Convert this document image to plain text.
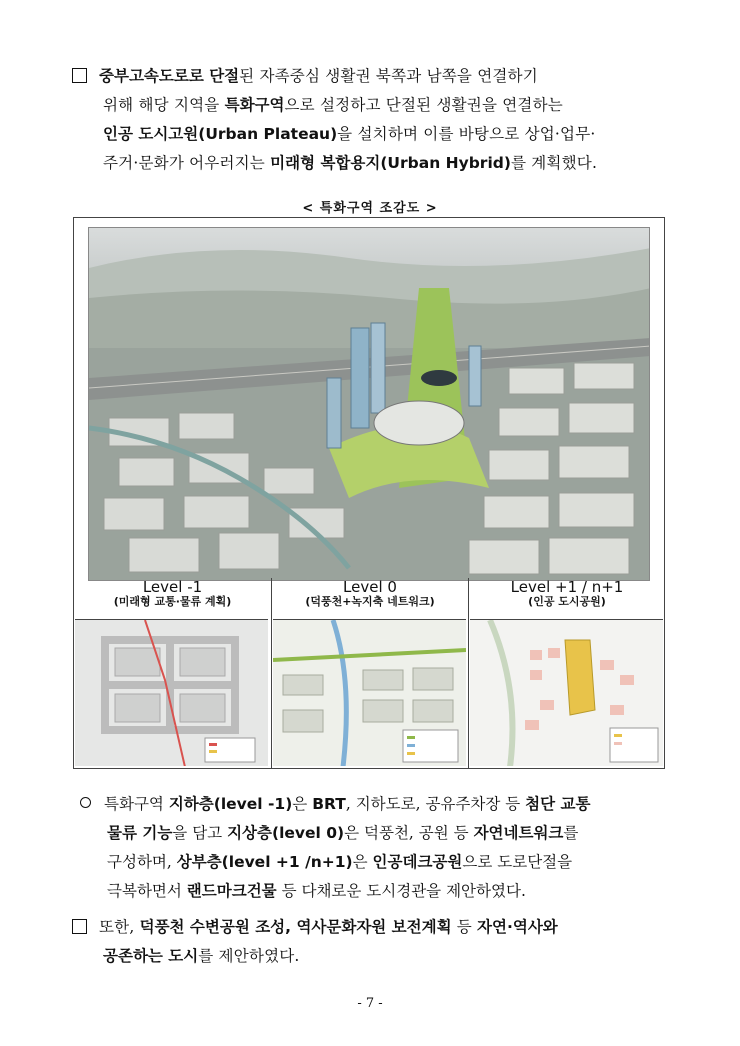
중부고속도로로 단절된 자족중심 생활권 북쪽과 남쪽을 연결하기
위해 해당 지역을 특화구역으로 설정하고 단절된 생활권을 연결하는
인공 도시고원(Urban Plateau)을 설치하며 이를 바탕으로 상업·업무·
주거·문화가 어우러지는 미래형 복합용지(Urban Hybrid)를 계획했다.
< 특화구역 조감도 >
Level -1
(미래형 교통·물류 계획)
Level 0
(덕풍천+녹지축 네트워크)
Level +1 / n+1
(인공 도시공원)
특화구역 지하층(level -1)은 BRT, 지하도로, 공유주차장 등 첨단 교통
물류 기능을 담고 지상층(level 0)은 덕풍천, 공원 등 자연네트워크를
구성하며, 상부층(level +1 /n+1)은 인공데크공원으로 도로단절을
극복하면서 랜드마크건물 등 다채로운 도시경관을 제안하였다.
또한, 덕풍천 수변공원 조성, 역사문화자원 보전계획 등 자연·역사와
공존하는 도시를 제안하였다.
- 7 -
